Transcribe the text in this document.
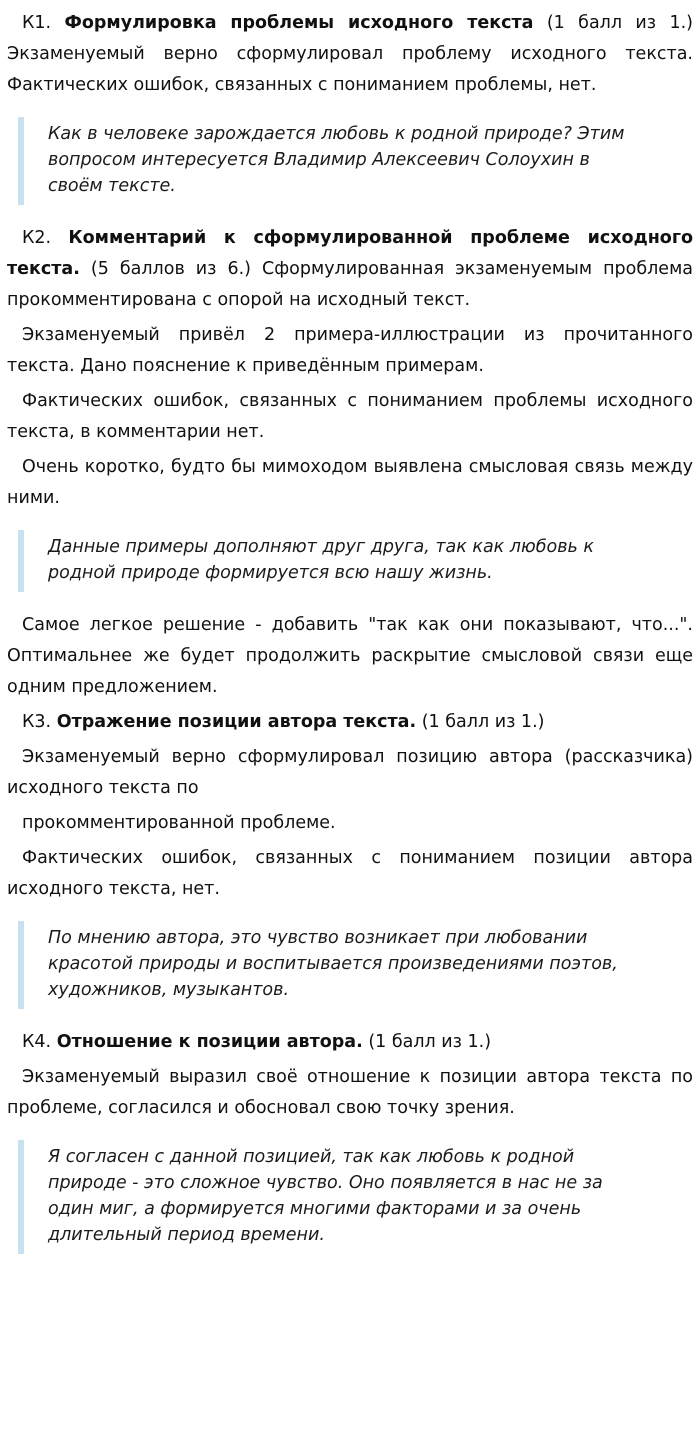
К1. Формулировка проблемы исходного текста (1 балл из 1.) Экзаменуемый верно сформулировал проблему исходного текста. Фактических ошибок, связанных с пониманием проблемы, нет.

Как в человеке зарождается любовь к родной природе? Этим вопросом интересуется Владимир Алексеевич Солоухин в своём тексте.

К2. Комментарий к сформулированной проблеме исходного текста. (5 баллов из 6.) Сформулированная экзаменуемым проблема прокомментирована с опорой на исходный текст.

Экзаменуемый привёл 2 примера-иллюстрации из прочитанного текста. Дано пояснение к приведённым примерам.

Фактических ошибок, связанных с пониманием проблемы исходного текста, в комментарии нет.

Очень коротко, будто бы мимоходом выявлена смысловая связь между ними.

Данные примеры дополняют друг друга, так как любовь к родной природе формируется всю нашу жизнь.

Самое легкое решение - добавить "так как они показывают, что...". Оптимальнее же будет продолжить раскрытие смысловой связи еще одним предложением.

К3. Отражение позиции автора текста. (1 балл из 1.)

Экзаменуемый верно сформулировал позицию автора (рассказчика) исходного текста по

прокомментированной проблеме.

Фактических ошибок, связанных с пониманием позиции автора исходного текста, нет.

По мнению автора, это чувство возникает при любовании красотой природы и воспитывается произведениями поэтов, художников, музыкантов.

К4. Отношение к позиции автора. (1 балл из 1.)

Экзаменуемый выразил своё отношение к позиции автора текста по проблеме, согласился и обосновал свою точку зрения.

Я согласен с данной позицией, так как любовь к родной природе - это сложное чувство. Оно появляется в нас не за один миг, а формируется многими факторами и за очень длительный период времени.
